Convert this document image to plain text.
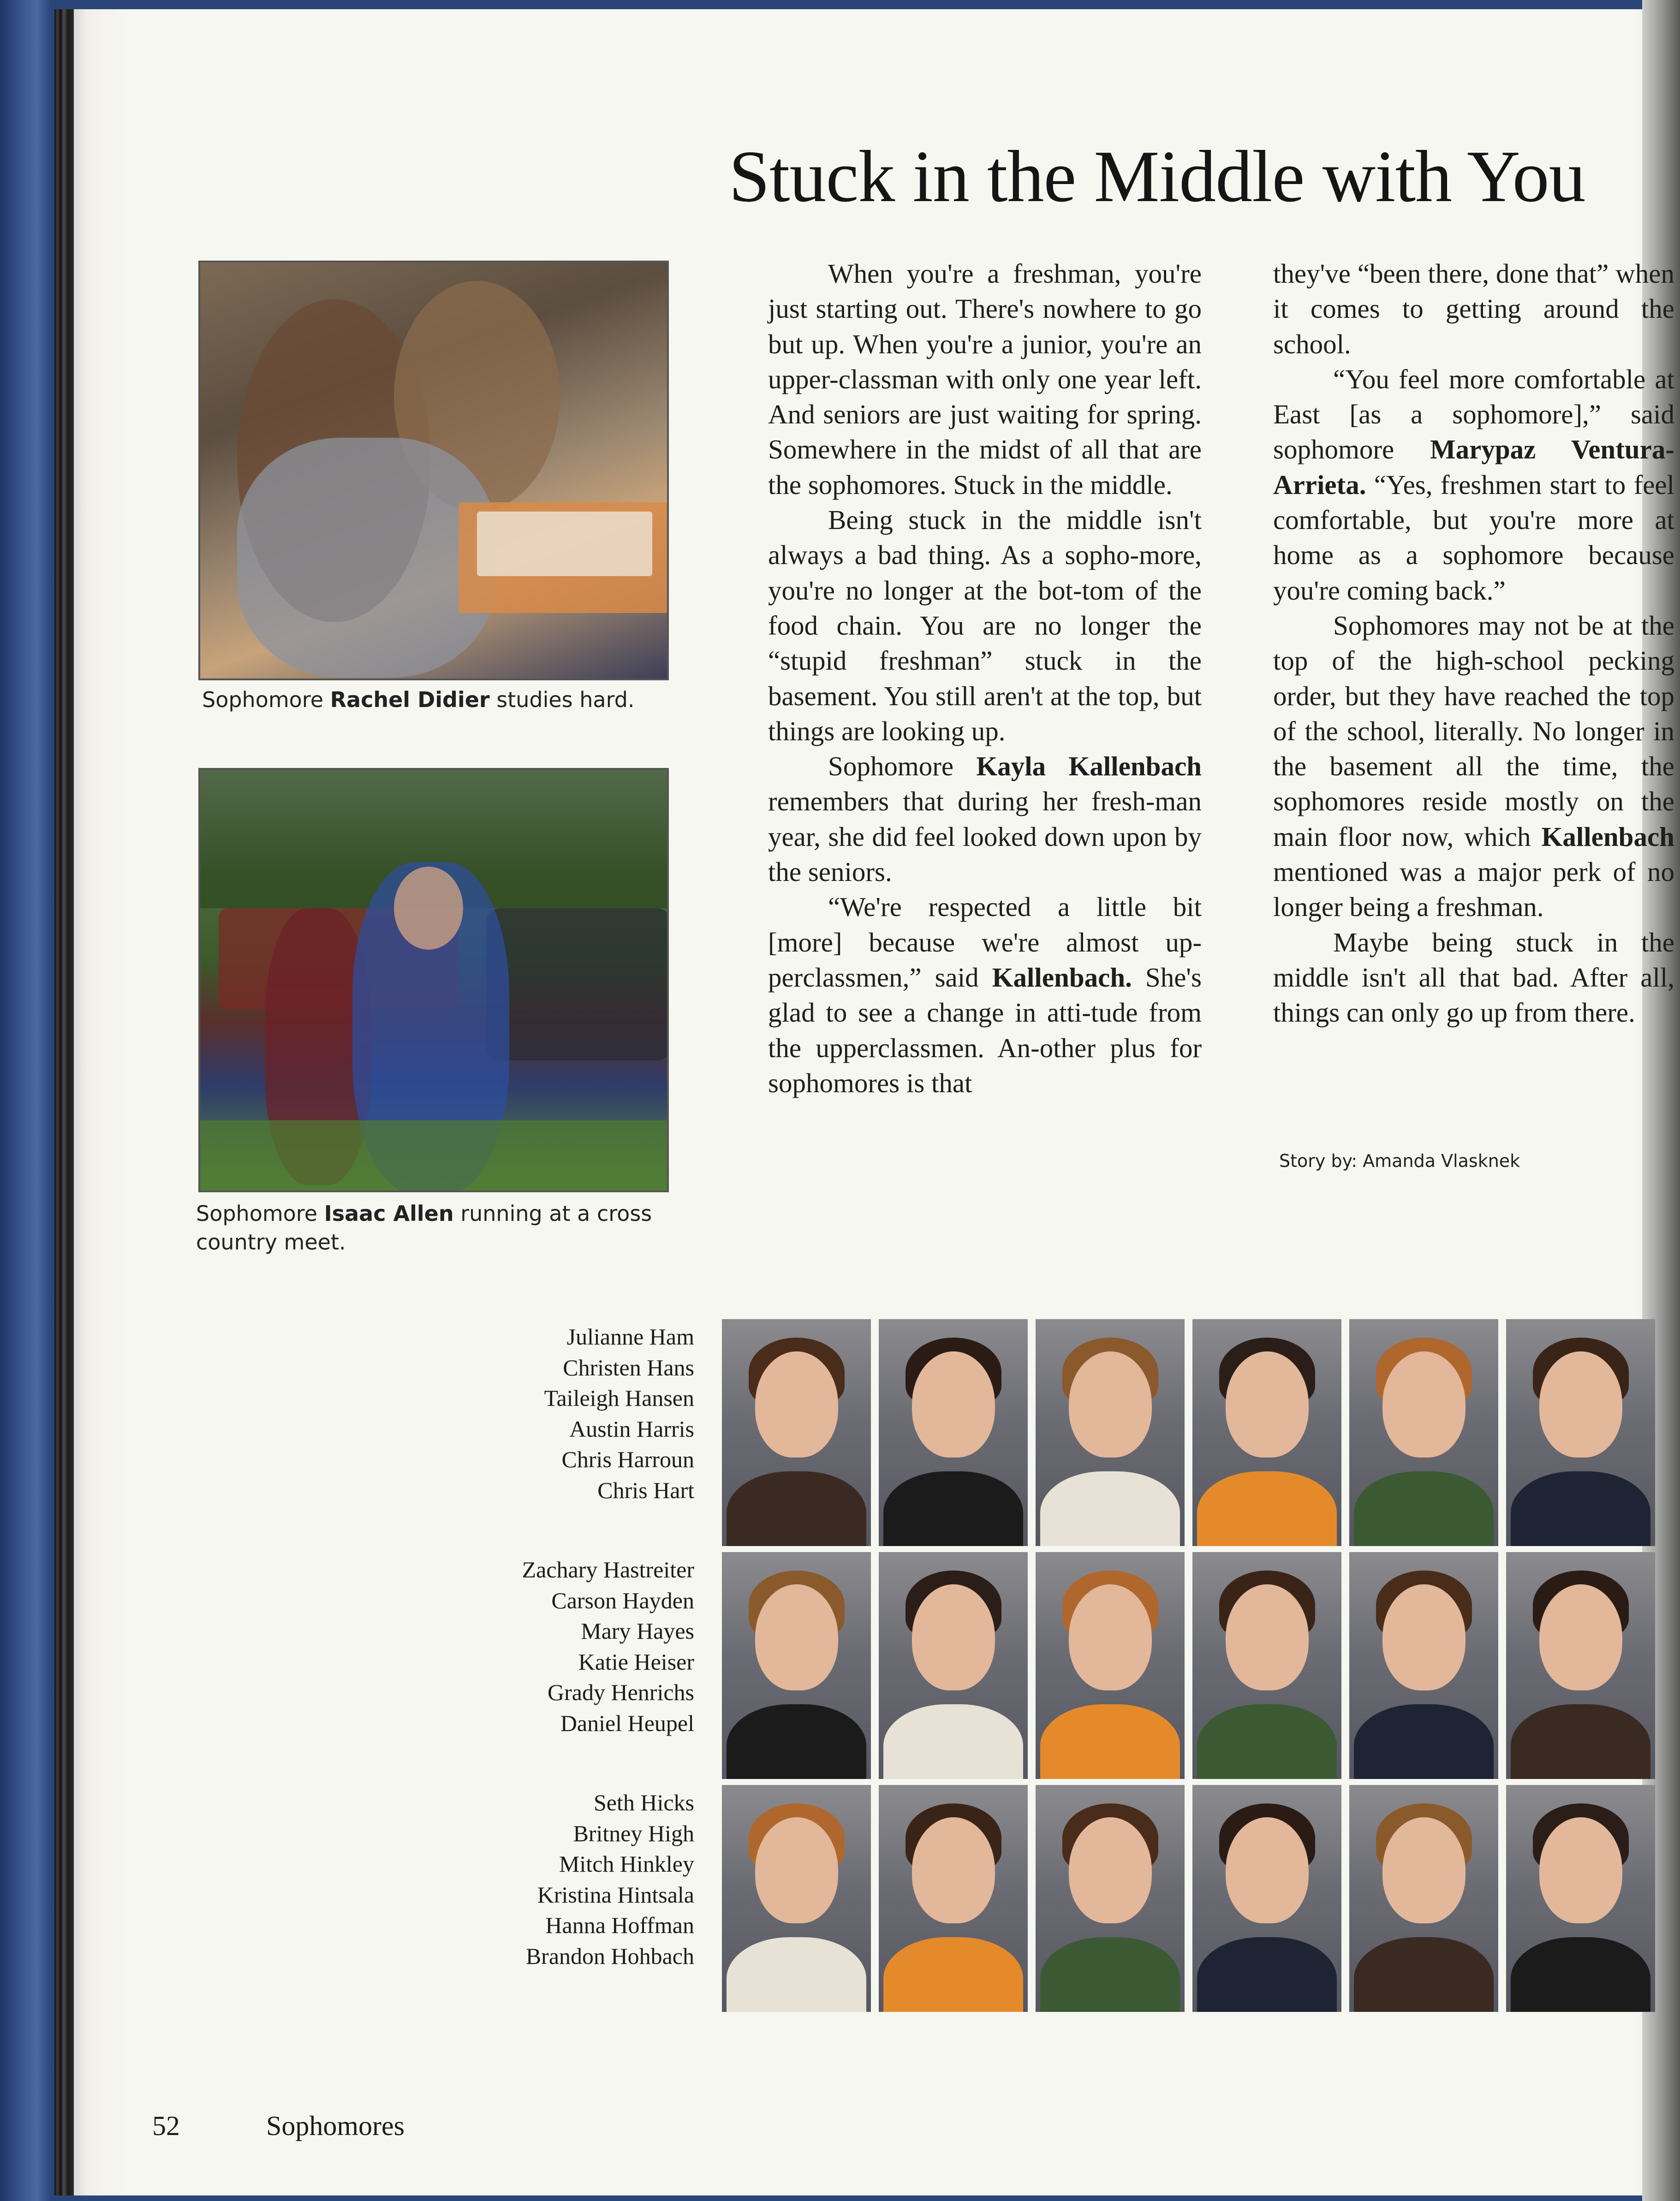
Stuck in the Middle with You
Sophomore Rachel Didier studies hard.
Sophomore Isaac Allen running at a cross country meet.

When you're a freshman, you're just starting out. There's nowhere to go but up. When you're a junior, you're an upper-classman with only one year left. And seniors are just waiting for spring. Somewhere in the midst of all that are the sophomores. Stuck in the middle.

Being stuck in the middle isn't always a bad thing. As a sopho-more, you're no longer at the bot-tom of the food chain. You are no longer the “stupid freshman” stuck in the basement. You still aren't at the top, but things are looking up.

Sophomore Kayla Kallenbach remembers that during her fresh-man year, she did feel looked down upon by the seniors.

“We're respected a little bit [more] because we're almost up-perclassmen,” said Kallenbach. She's glad to see a change in atti-tude from the upperclassmen. An-other plus for sophomores is that

they've “been there, done that” when it comes to getting around the school.

“You feel more comfortable at East [as a sophomore],” said sophomore Marypaz Ventura-Arrieta. “Yes, freshmen start to feel comfortable, but you're more at home as a sophomore because you're coming back.”

Sophomores may not be at the top of the high-school pecking order, but they have reached the top of the school, literally. No longer in the basement all the time, the sophomores reside mostly on the main floor now, which Kallenbach mentioned was a major perk of no longer being a freshman.

Maybe being stuck in the middle isn't all that bad. After all, things can only go up from there.

Story by: Amanda Vlasknek
Julianne Ham
Christen Hans
Taileigh Hansen
Austin Harris
Chris Harroun
Chris Hart
Zachary Hastreiter
Carson Hayden
Mary Hayes
Katie Heiser
Grady Henrichs
Daniel Heupel
Seth Hicks
Britney High
Mitch Hinkley
Kristina Hintsala
Hanna Hoffman
Brandon Hohbach
52	Sophomores
